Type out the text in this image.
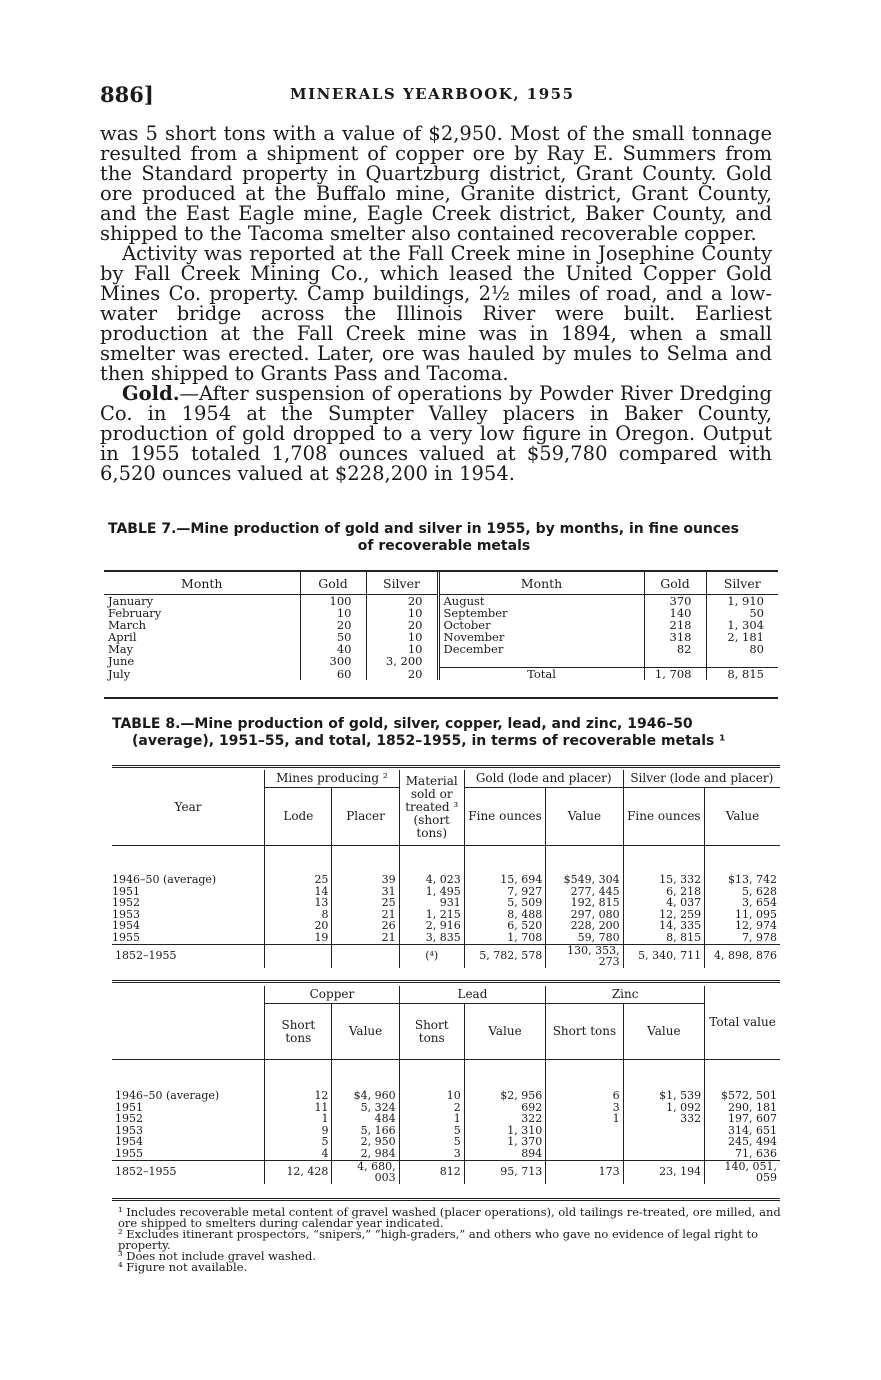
886]	MINERALS YEARBOOK, 1955

was 5 short tons with a value of $2,950. Most of the small tonnage resulted from a shipment of copper ore by Ray E. Summers from the Standard property in Quartzburg district, Grant County. Gold ore produced at the Buffalo mine, Granite district, Grant County, and the East Eagle mine, Eagle Creek district, Baker County, and shipped to the Tacoma smelter also contained recoverable copper.

Activity was reported at the Fall Creek mine in Josephine County by Fall Creek Mining Co., which leased the United Copper Gold Mines Co. property. Camp buildings, 2½ miles of road, and a low-water bridge across the Illinois River were built. Earliest production at the Fall Creek mine was in 1894, when a small smelter was erected. Later, ore was hauled by mules to Selma and then shipped to Grants Pass and Tacoma.

Gold.—After suspension of operations by Powder River Dredging Co. in 1954 at the Sumpter Valley placers in Baker County, production of gold dropped to a very low figure in Oregon. Output in 1955 totaled 1,708 ounces valued at $59,780 compared with 6,520 ounces valued at $228,200 in 1954.

TABLE 7.—Mine production of gold and silver in 1955, by months, in fine ounces
of recoverable metals
Month	Gold	Silver	Month	Gold	Silver
January	100	20	August	370	1, 910
February	10	10	September	140	50
March	20	20	October	218	1, 304
April	50	10	November	318	2, 181
May	40	10	December	82	80
June	300	3, 200			
July	60	20	Total	1, 708	8, 815
TABLE 8.—Mine production of gold, silver, copper, lead, and zinc, 1946–50
(average), 1951–55, and total, 1852–1955, in terms of recoverable metals ¹
Year	Mines producing ²		Material sold or treated ³ (short tons)	Gold (lode and placer)		Silver (lode and placer)	
	Lode	Placer		Fine ounces	Value	Fine ounces	Value

1946–50 (average)	25	39	4, 023	15, 694	$549, 304	15, 332	$13, 742
1951	14	31	1, 495	7, 927	277, 445	6, 218	5, 628
1952	13	25	931	5, 509	192, 815	4, 037	3, 654
1953	8	21	1, 215	8, 488	297, 080	12, 259	11, 095
1954	20	26	2, 916	6, 520	228, 200	14, 335	12, 974
1955	19	21	3, 835	1, 708	59, 780	8, 815	7, 978
1852–1955			(⁴)	5, 782, 578	130, 353, 273	5, 340, 711	4, 898, 876
	Copper		Lead		Zinc		Total value
	Short tons	Value	Short tons	Value	Short tons	Value	

1946–50 (average)	12	$4, 960	10	$2, 956	6	$1, 539	$572, 501
1951	11	5, 324	2	692	3	1, 092	290, 181
1952	1	484	1	322	1	332	197, 607
1953	9	5, 166	5	1, 310			314, 651
1954	5	2, 950	5	1, 370			245, 494
1955	4	2, 984	3	894			71, 636
1852–1955	12, 428	4, 680, 003	812	95, 713	173	23, 194	140, 051, 059
¹ Includes recoverable metal content of gravel washed (placer operations), old tailings re-treated, ore milled, and ore shipped to smelters during calendar year indicated.
² Excludes itinerant prospectors, “snipers,” “high-graders,” and others who gave no evidence of legal right to property.
³ Does not include gravel washed.
⁴ Figure not available.
